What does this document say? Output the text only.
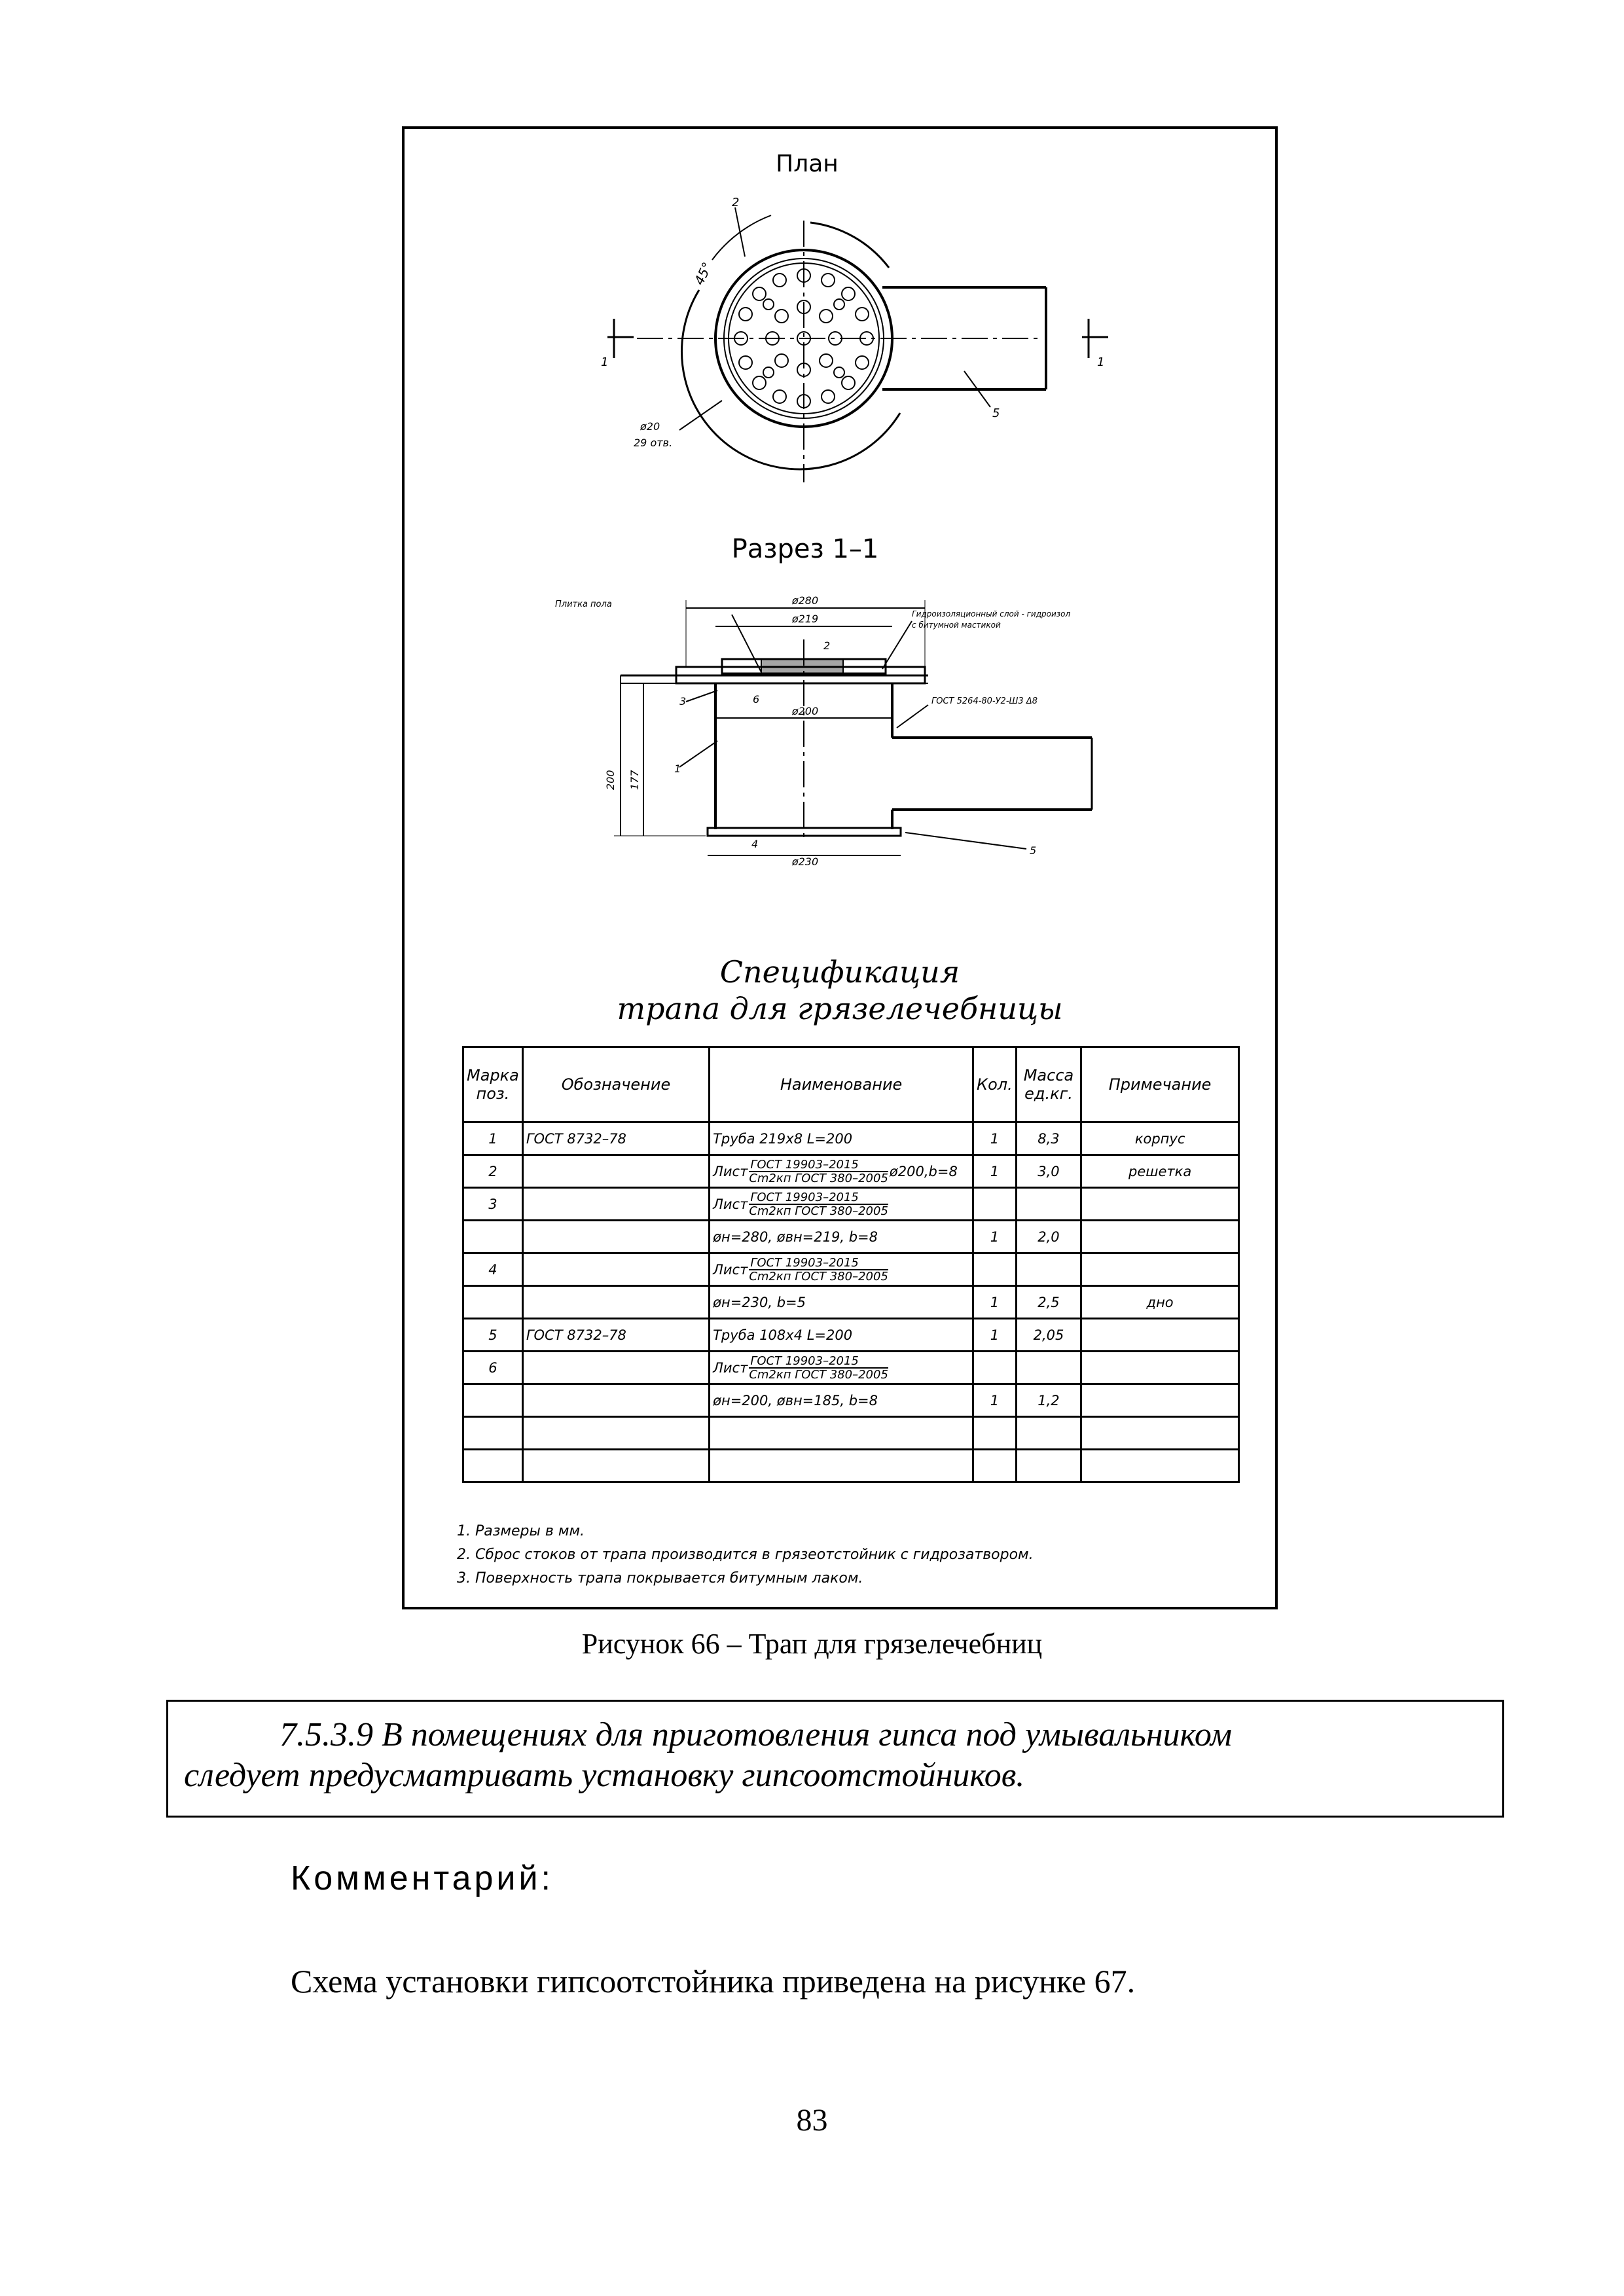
План
45°
2
5
1	1
ø20
29 отв.
Разрез 1–1
ø280
ø219
ø200
ø230
200 177
Плитка пола
Гидроизоляционный слой - гидроизол
с битумной мастикой
ГОСТ 5264-80-У2-Ш3 Δ8
3
1
2
6
4
5
Спецификация
трапа для грязелечебницы
Марка поз.	Обозначение	Наименование	Кол.	Масса ед.кг.	Примечание
1	ГОСТ 8732–78	Труба 219х8 L=200	1	8,3	корпус
2		Лист ГОСТ 19903–2015
Cm2кп ГОСТ 380–2005 ø200,b=8	1	3,0	решетка
3		Лист ГОСТ 19903–2015
Cm2кп ГОСТ 380–2005			

		øн=280, øвн=219, b=8	1	2,0	
4		Лист ГОСТ 19903–2015
Cm2кп ГОСТ 380–2005			

		øн=230, b=5	1	2,5	дно
5	ГОСТ 8732–78	Труба 108х4 L=200	1	2,05	
6		Лист ГОСТ 19903–2015
Cm2кп ГОСТ 380–2005			

		øн=200, øвн=185, b=8	1	1,2	

1. Размеры в мм.
2. Сброс стоков от трапа производится в грязеотстойник с гидрозатвором.
3. Поверхность трапа покрывается битумным лаком.
Рисунок 66 – Трап для грязелечебниц
7.5.3.9 В помещениях для приготовления гипса под умывальником
следует предусматривать установку гипсоотстойников.
Комментарий:
Схема установки гипсоотстойника приведена на рисунке 67.
83
